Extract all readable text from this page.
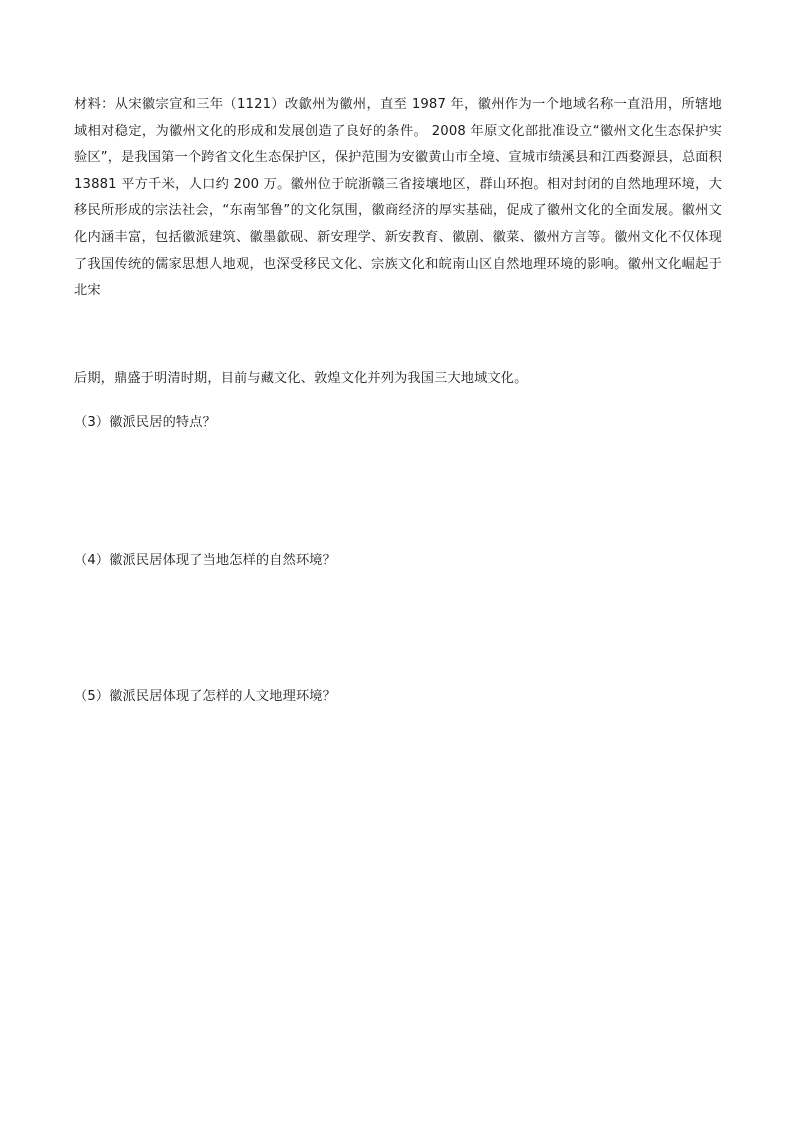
材料：从宋徽宗宣和三年（1121）改歙州为徽州，直至 1987 年，徽州作为一个地域名称一直沿用，所辖地域相对稳定，为徽州文化的形成和发展创造了良好的条件。 2008 年原文化部批准设立“徽州文化生态保护实验区”，是我国第一个跨省文化生态保护区，保护范围为安徽黄山市全境、宣城市绩溪县和江西婺源县，总面积 13881 平方千米，人口约 200 万。徽州位于皖浙赣三省接壤地区，群山环抱。相对封闭的自然地理环境，大移民所形成的宗法社会，“东南邹鲁”的文化氛围，徽商经济的厚实基础，促成了徽州文化的全面发展。徽州文化内涵丰富，包括徽派建筑、徽墨歙砚、新安理学、新安教育、徽剧、徽菜、徽州方言等。徽州文化不仅体现了我国传统的儒家思想人地观，也深受移民文化、宗族文化和皖南山区自然地理环境的影响。徽州文化崛起于北宋

后期，鼎盛于明清时期，目前与藏文化、敦煌文化并列为我国三大地域文化。

（3）徽派民居的特点？

（4）徽派民居体现了当地怎样的自然环境？

（5）徽派民居体现了怎样的人文地理环境？
